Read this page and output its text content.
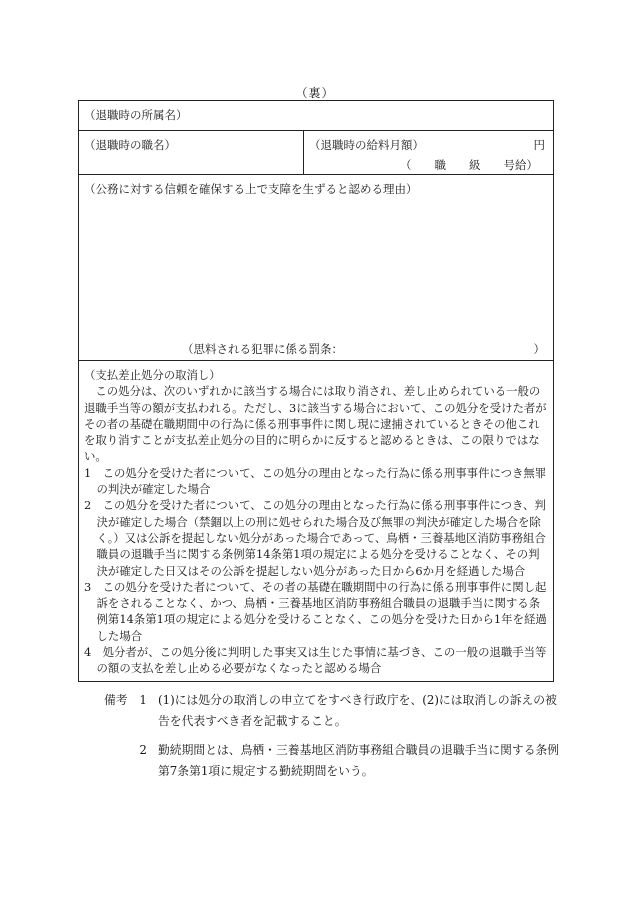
（裏）
（退職時の所属名）
（退職時の職名）	（退職時の給料月額）	円
（　　職　　級　　号給）
（公務に対する信頼を確保する上で支障を生ずると認める理由）
（思料される犯罪に係る罰条：	）

（支払差止処分の取消し）

この処分は、次のいずれかに該当する場合には取り消され、差し止められている一般の退職手当等の額が支払われる。ただし、3に該当する場合において、この処分を受けた者がその者の基礎在職期間中の行為に係る刑事事件に関し現に逮捕されているときその他これを取り消すことが支払差止処分の目的に明らかに反すると認めるときは、この限りではない。

1　この処分を受けた者について、この処分の理由となった行為に係る刑事事件につき無罪の判決が確定した場合

2　この処分を受けた者について、この処分の理由となった行為に係る刑事事件につき、判決が確定した場合（禁錮以上の刑に処せられた場合及び無罪の判決が確定した場合を除く。）又は公訴を提起しない処分があった場合であって、鳥栖・三養基地区消防事務組合職員の退職手当に関する条例第14条第1項の規定による処分を受けることなく、その判決が確定した日又はその公訴を提起しない処分があった日から6か月を経過した場合

3　この処分を受けた者について、その者の基礎在職期間中の行為に係る刑事事件に関し起訴をされることなく、かつ、鳥栖・三養基地区消防事務組合職員の退職手当に関する条例第14条第1項の規定による処分を受けることなく、この処分を受けた日から1年を経過した場合

4　処分者が、この処分後に判明した事実又は生じた事情に基づき、この一般の退職手当等の額の支払を差し止める必要がなくなったと認める場合

備考　1 (1)には処分の取消しの申立てをすべき行政庁を、(2)には取消しの訴えの被告を代表すべき者を記載すること。
　　　2 勤続期間とは、鳥栖・三養基地区消防事務組合職員の退職手当に関する条例第7条第1項に規定する勤続期間をいう。
